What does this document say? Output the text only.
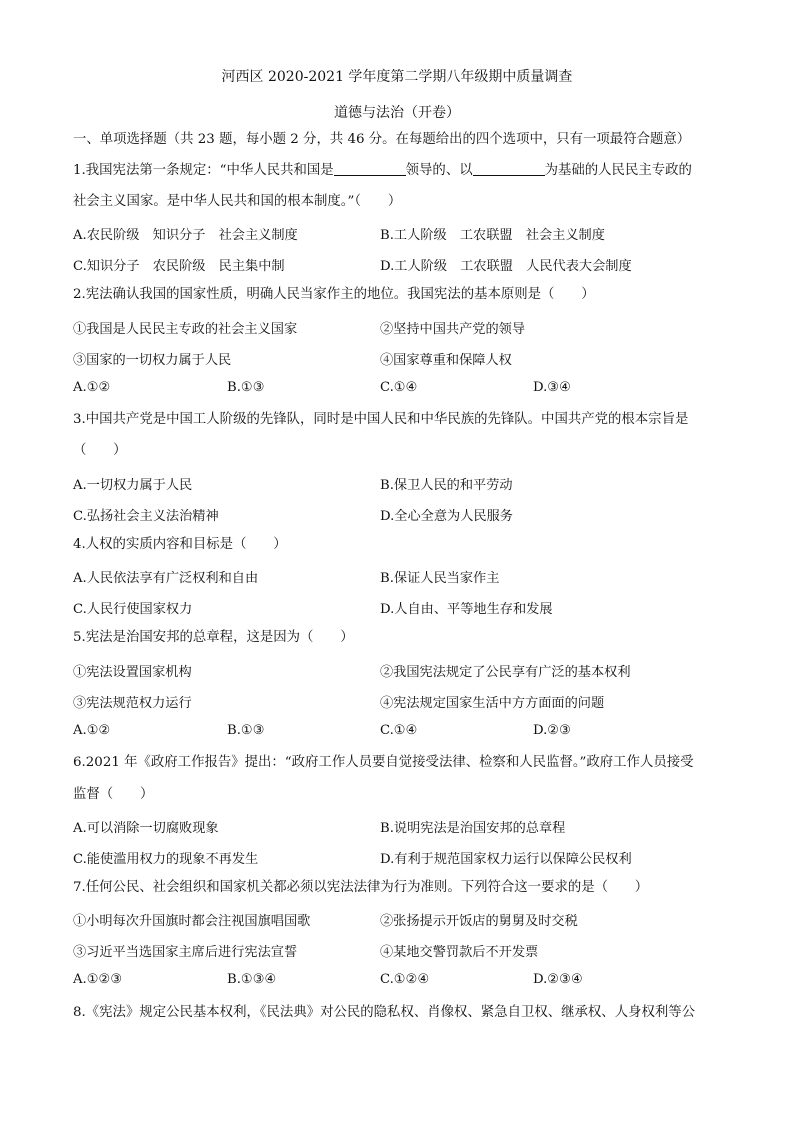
河西区 2020-2021 学年度第二学期八年级期中质量调查
道德与法治（开卷）
一、单项选择题（共 23 题，每小题 2 分，共 46 分。在每题给出的四个选项中，只有一项最符合题意）
1.我国宪法第一条规定：“中华人民共和国是	领导的、以	为基础的人民民主专政的
社会主义国家。是中华人民共和国的根本制度。”（　　）
A.农民阶级　知识分子　社会主义制度	B.工人阶级　工农联盟　社会主义制度
C.知识分子　农民阶级　民主集中制	D.工人阶级　工农联盟　人民代表大会制度
2.宪法确认我国的国家性质，明确人民当家作主的地位。我国宪法的基本原则是（　　）
①我国是人民民主专政的社会主义国家	②坚持中国共产党的领导
③国家的一切权力属于人民	④国家尊重和保障人权
A.①②	B.①③	C.①④	D.③④
3.中国共产党是中国工人阶级的先锋队，同时是中国人民和中华民族的先锋队。中国共产党的根本宗旨是
（　　）
A.一切权力属于人民	B.保卫人民的和平劳动
C.弘扬社会主义法治精神	D.全心全意为人民服务
4.人权的实质内容和目标是（　　）
A.人民依法享有广泛权利和自由	B.保证人民当家作主
C.人民行使国家权力	D.人自由、平等地生存和发展
5.宪法是治国安邦的总章程，这是因为（　　）
①宪法设置国家机构	②我国宪法规定了公民享有广泛的基本权利
③宪法规范权力运行	④宪法规定国家生活中方方面面的问题
A.①②	B.①③	C.①④	D.②③
6.2021 年《政府工作报告》提出：“政府工作人员要自觉接受法律、检察和人民监督。”政府工作人员接受
监督（　　）
A.可以消除一切腐败现象	B.说明宪法是治国安邦的总章程
C.能使滥用权力的现象不再发生	D.有利于规范国家权力运行以保障公民权利
7.任何公民、社会组织和国家机关都必须以宪法法律为行为准则。下列符合这一要求的是（　　）
①小明每次升国旗时都会注视国旗唱国歌	②张扬提示开饭店的舅舅及时交税
③习近平当选国家主席后进行宪法宣誓	④某地交警罚款后不开发票
A.①②③	B.①③④	C.①②④	D.②③④
8.《宪法》规定公民基本权利，《民法典》对公民的隐私权、肖像权、紧急自卫权、继承权、人身权利等公
